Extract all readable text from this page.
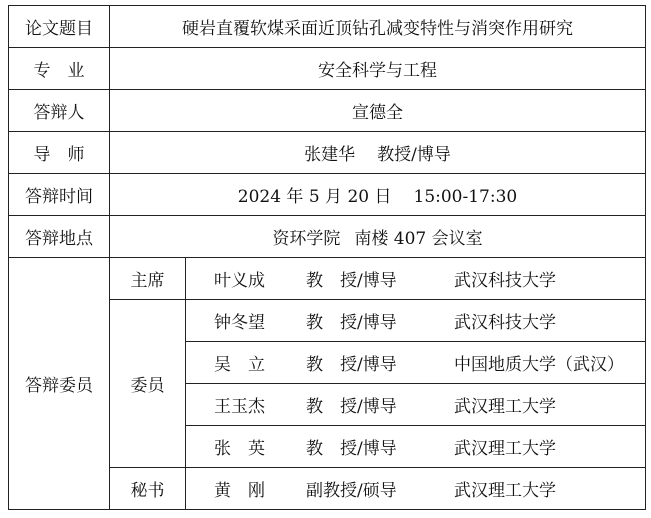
论文题目	硬岩直覆软煤采面近顶钻孔减变特性与消突作用研究	
专　业	安全科学与工程	
答辩人	宣德全	
导　师	张建华 教授/博导	
答辩时间	2024 年 5 月 20 日 15:00-17:30	
答辩地点	资环学院 南楼 407 会议室	
答辩委员	主席	叶义成 教　授/博导 武汉科技大学
	委员	钟冬望 教　授/博导 武汉科技大学
		吴　立 教　授/博导 中国地质大学（武汉）
		王玉杰 教　授/博导 武汉理工大学
		张　英 教　授/博导 武汉理工大学
	秘书	黄　刚 副教授/硕导 武汉理工大学
